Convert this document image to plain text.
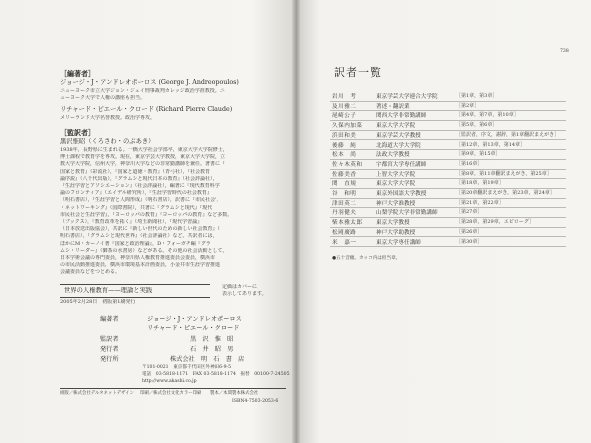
［編著者］
ジョージ・J・アンドレオポーロス (George J. Andreopoulos)
ニューヨーク市立大学ジョン・ジェイ刑事裁判カレッジ政治学准教授。ニ
ューヨーク大学で人権の講座も担当。
リチャード・ピエール・クロード (Richard Pierre Claude)
メリーランド大学名誉教授。政治学専攻。
［監訳者］
黒沢惟昭（くろさわ・のぶあき）
1938年，長野県に生まれる。一橋大学社会学部卒，東京大学大学院修士，
博士課程で教育学を専攻。現在，東京学芸大学教授，東京大学大学院，立
教大学大学院，信州大学，神奈川大学などの非常勤講師を兼任。著書に『
国家と教育』（彩流社），『国家と道徳・教育』（青弓社），『社会教育
論序説』（八千代出版），『グラムシと現代日本の教育』（社会評論社），
『生涯学習とアソシエーション』（社会評論社），編著に『現代教育科学
論のフロンティア』（エイデル研究所），『生涯学習時代の社会教育』
（明石書店），『生涯学習と人間形成』（明石書店），訳書に『市民社会',
・ネットワーキング』（国際書院），共著に『グラムシと現代』『現代
市民社会と生涯学習』，『ヨーロッパの教育』『ヨーロッパの教育』など多数。
（ブックス），『教育改革を拓く』（埼玉新聞社），『現代学習論』
（日本放送出版協会），共訳に『新しい世代のための新しい社会教育』（
明石書店），『グラムシと現代世界』（社会評論社）など。共訳者には，
ほかにM・カーノイ著『国家と政治理論』，D・フォーガチ編『グラ
ムシ・リーダー』（御茶の水書房）などがある。その他の社会活動として，
日本学術会議の専門委員，神奈川県人権教育推進委員会委員，横浜市
の市民活動推進委員，横浜市環境基本計画委員，小金井市生涯学習推進
会議委員などをつとめる。
定価はカバーに
表示してあります。
世界の人権教育——理論と実践
2005年2月28日　初版第1刷発行
編著者	ジョージ・J・アンドレオポーロス
リチャード・ピエール・クロード
監訳者	黒　沢　惟　昭
発行者	石　井　昭　男
発行所	株式会社　明　石　書　店
〒101-0021　東京都千代田区外神田6-9-5
電話　03-5818-1171　FAX 03-5818-1174　振替　00100-7-24505
http://www.akashi.co.jp
組版／株式会社デルタネットデザイン 印刷／株式会社文化カラー印刷 製本／本間製本株式会社
ISBN4-7503-2053-6
738
訳者一覧
岩川　考	東京学芸大学連合大学院	［第1章，第3章］
及川雅二	著述・翻訳業	［第2章］
尾崎公子	関西大学非常勤講師	［第4章，第7章，第10章］
久保内加菜 東京大学大学院	［第5章，第6章］
浜田和美	東京学芸大学教授	［監訳者，序文，謝辞，第1章翻訳まえがき］
後藤　純	北海道大学大学院	［第12章，第13章，第14章］
松本　尚	法政大学教授	［第9章，第15章］
佐々木英和 宇都宮大学専任講師	［第16章］
佐藤美香	上智大学大学院	［第8章，第11章翻訳まえがき，第25章］
関　直規	東京大学大学院	［第18章，第19章］
谷　和明	東京外国語大学教授	［第20章翻訳まえがき，第23章，第24章］
津田英二	神戸大学准教授	［第21章，第22章］
丹羽健夫	山梨学院大学非常勤講師	［第27章］
柴本雅太郎 東京大学教授	［第28章，第29章，エピローグ］
松岡廣路	神戸大学助教授	［第26章］
米　嘉一	東京大学専任講師	［第30章］
●五十音順。カッコ内は担当章。
